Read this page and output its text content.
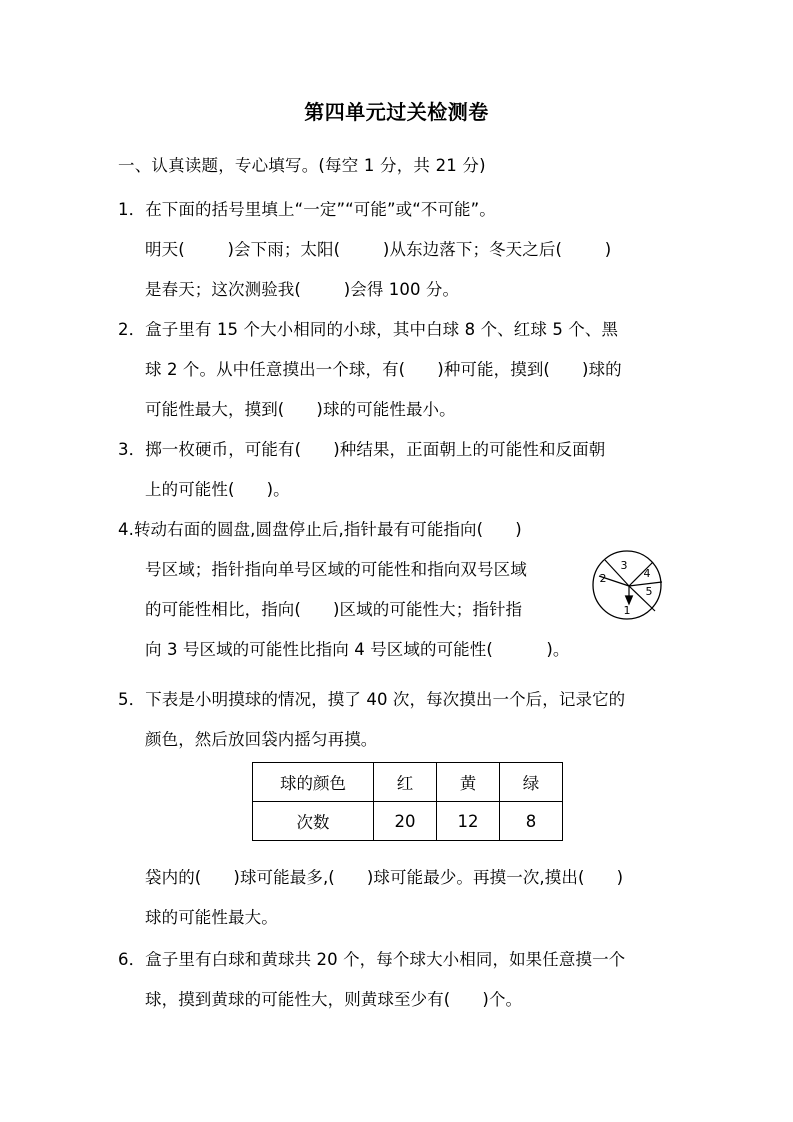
第四单元过关检测卷
一、认真读题，专心填写。(每空 1 分，共 21 分)
1．在下面的括号里填上“一定”“可能”或“不可能”。
明天(        )会下雨；太阳(        )从东边落下；冬天之后(        )
是春天；这次测验我(        )会得 100 分。
2．盒子里有 15 个大小相同的小球，其中白球 8 个、红球 5 个、黑
球 2 个。从中任意摸出一个球，有(      )种可能，摸到(      )球的
可能性最大，摸到(      )球的可能性最小。
3．掷一枚硬币，可能有(      )种结果，正面朝上的可能性和反面朝
上的可能性(      )。
4.转动右面的圆盘,圆盘停止后,指针最有可能指向(      )
号区域；指针指向单号区域的可能性和指向双号区域
的可能性相比，指向(      )区域的可能性大；指针指
向 3 号区域的可能性比指向 4 号区域的可能性(          )。
1
2
3
4
5
5．下表是小明摸球的情况，摸了 40 次，每次摸出一个后，记录它的
颜色，然后放回袋内摇匀再摸。
球的颜色	红	黄	绿
次数	20	12	8
袋内的(      )球可能最多,(      )球可能最少。再摸一次,摸出(      )
球的可能性最大。
6．盒子里有白球和黄球共 20 个，每个球大小相同，如果任意摸一个
球，摸到黄球的可能性大，则黄球至少有(      )个。
